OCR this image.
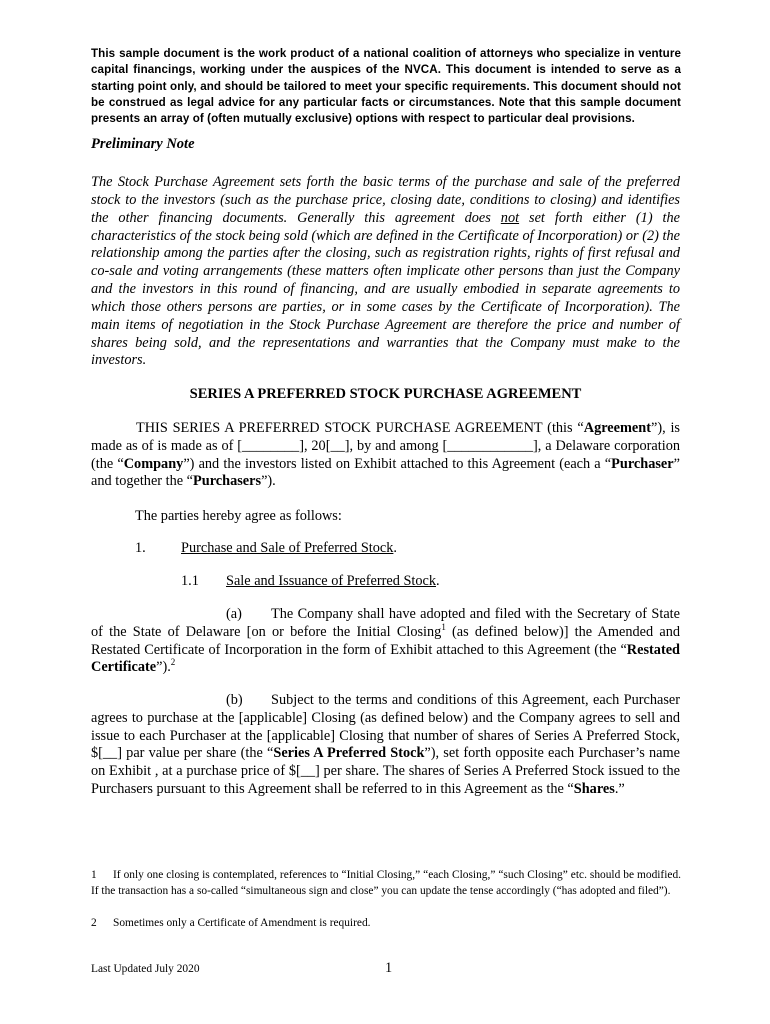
This sample document is the work product of a national coalition of attorneys who specialize in venture capital financings, working under the auspices of the NVCA. This document is intended to serve as a starting point only, and should be tailored to meet your specific requirements. This document should not be construed as legal advice for any particular facts or circumstances. Note that this sample document presents an array of (often mutually exclusive) options with respect to particular deal provisions.
Preliminary Note
The Stock Purchase Agreement sets forth the basic terms of the purchase and sale of the preferred stock to the investors (such as the purchase price, closing date, conditions to closing) and identifies the other financing documents. Generally this agreement does not set forth either (1) the characteristics of the stock being sold (which are defined in the Certificate of Incorporation) or (2) the relationship among the parties after the closing, such as registration rights, rights of first refusal and co-sale and voting arrangements (these matters often implicate other persons than just the Company and the investors in this round of financing, and are usually embodied in separate agreements to which those others persons are parties, or in some cases by the Certificate of Incorporation). The main items of negotiation in the Stock Purchase Agreement are therefore the price and number of shares being sold, and the representations and warranties that the Company must make to the investors.
SERIES A PREFERRED STOCK PURCHASE AGREEMENT
THIS SERIES A PREFERRED STOCK PURCHASE AGREEMENT (this “Agreement”), is made as of is made as of [________], 20[__], by and among [____________], a Delaware corporation (the “Company”) and the investors listed on Exhibit attached to this Agreement (each a “Purchaser” and together the “Purchasers”).
The parties hereby agree as follows:
1. Purchase and Sale of Preferred Stock.
1.1 Sale and Issuance of Preferred Stock.
(a) The Company shall have adopted and filed with the Secretary of State of the State of Delaware [on or before the Initial Closing$^1$ (as defined below)] the Amended and Restated Certificate of Incorporation in the form of Exhibit attached to this Agreement (the “Restated Certificate”).$^2$
(b) Subject to the terms and conditions of this Agreement, each Purchaser agrees to purchase at the [applicable] Closing (as defined below) and the Company agrees to sell and issue to each Purchaser at the [applicable] Closing that number of shares of Series A Preferred Stock, $[__] par value per share (the “Series A Preferred Stock”), set forth opposite each Purchaser’s name on Exhibit , at a purchase price of $[__] per share. The shares of Series A Preferred Stock issued to the Purchasers pursuant to this Agreement shall be referred to in this Agreement as the “Shares.”
1 If only one closing is contemplated, references to “Initial Closing,” “each Closing,” “such Closing” etc. should be modified. If the transaction has a so-called “simultaneous sign and close” you can update the tense accordingly (“has adopted and filed”).
2 Sometimes only a Certificate of Amendment is required.
Last Updated July 2020	1
